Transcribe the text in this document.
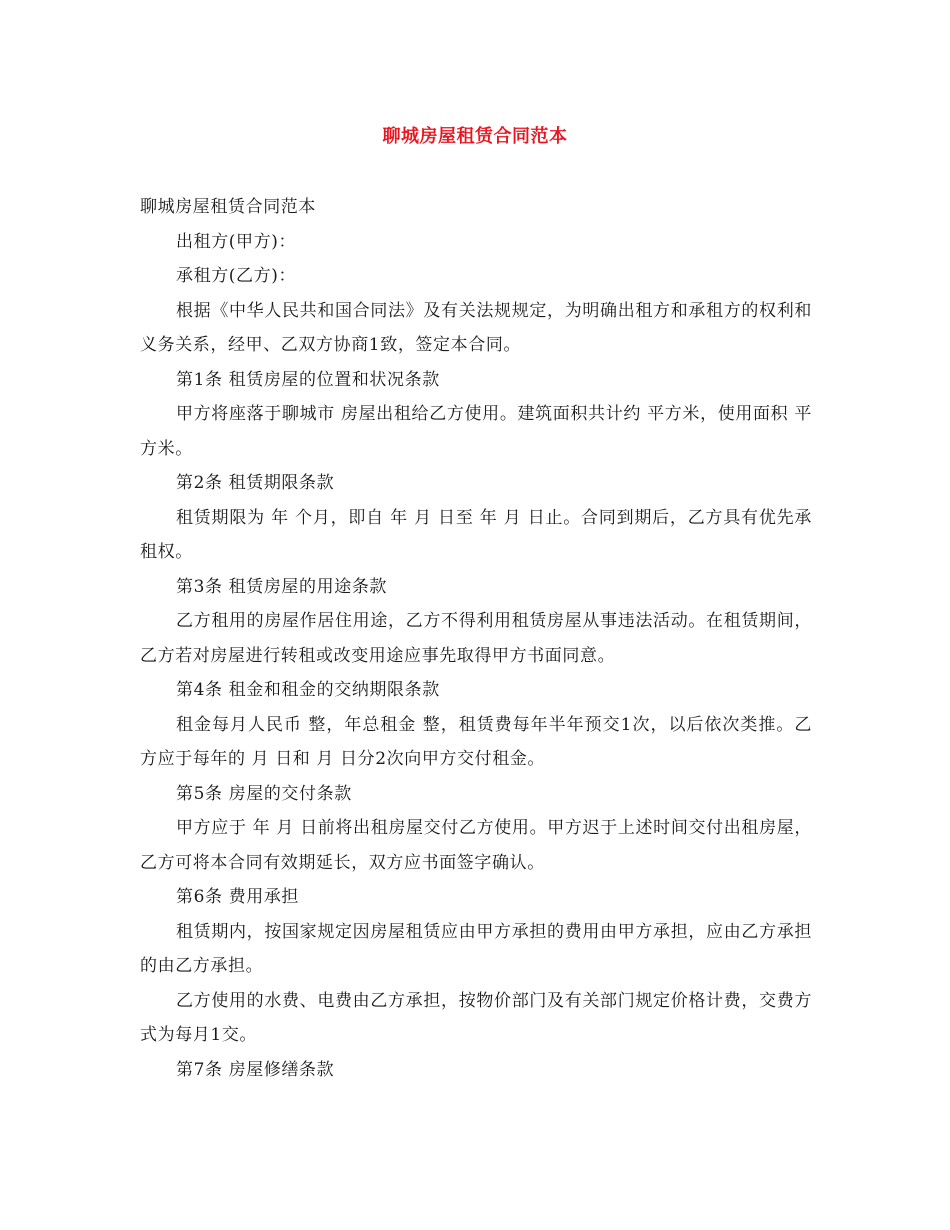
聊城房屋租赁合同范本

聊城房屋租赁合同范本

出租方(甲方)：

承租方(乙方)：

根据《中华人民共和国合同法》及有关法规规定，为明确出租方和承租方的权利和义务关系，经甲、乙双方协商1致，签定本合同。

第1条 租赁房屋的位置和状况条款

甲方将座落于聊城市 房屋出租给乙方使用。建筑面积共计约 平方米，使用面积 平方米。

第2条 租赁期限条款

租赁期限为 年 个月，即自 年 月 日至 年 月 日止。合同到期后，乙方具有优先承租权。

第3条 租赁房屋的用途条款

乙方租用的房屋作居住用途，乙方不得利用租赁房屋从事违法活动。在租赁期间，乙方若对房屋进行转租或改变用途应事先取得甲方书面同意。

第4条 租金和租金的交纳期限条款

租金每月人民币 整，年总租金 整，租赁费每年半年预交1次，以后依次类推。乙方应于每年的 月 日和 月 日分2次向甲方交付租金。

第5条 房屋的交付条款

甲方应于 年 月 日前将出租房屋交付乙方使用。甲方迟于上述时间交付出租房屋，乙方可将本合同有效期延长，双方应书面签字确认。

第6条 费用承担

租赁期内，按国家规定因房屋租赁应由甲方承担的费用由甲方承担，应由乙方承担的由乙方承担。

乙方使用的水费、电费由乙方承担，按物价部门及有关部门规定价格计费，交费方式为每月1交。

第7条 房屋修缮条款
